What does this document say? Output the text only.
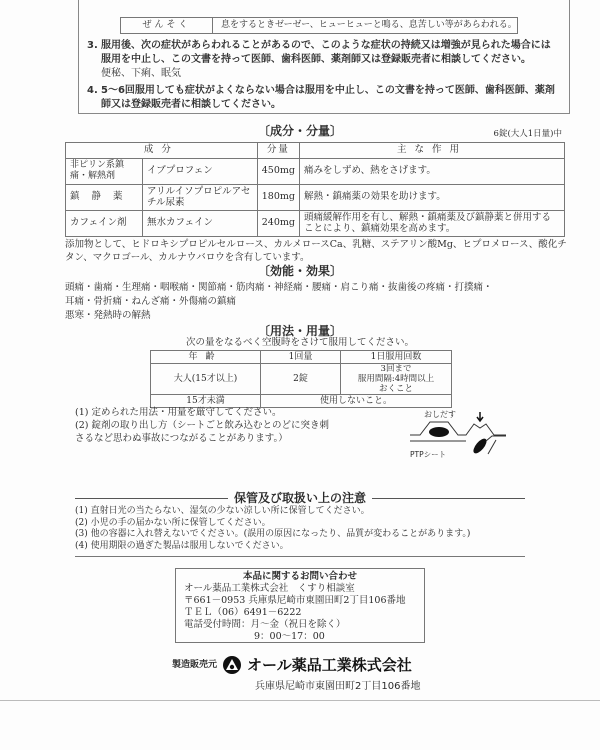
ぜんそく	息をするときゼーゼー、ヒューヒューと鳴る、息苦しい等があらわれる。
3. 服用後、次の症状があらわれることがあるので、このような症状の持続又は増強が見られた場合には服用を中止し、この文書を持って医師、歯科医師、薬剤師又は登録販売者に相談してください。
便秘、下痢、眠気
4. 5～6回服用しても症状がよくならない場合は服用を中止し、この文書を持って医師、歯科医師、薬剤師又は登録販売者に相談してください。
〔成分・分量〕	6錠(大人1日量)中
成分		分量	主な作用
非ピリン系鎮痛・解熱剤	イブプロフェン	450mg	痛みをしずめ、熱をさげます。
鎮静薬	アリルイソプロピルアセチル尿素	180mg	解熱・鎮痛薬の効果を助けます。
カフェイン剤	無水カフェイン	240mg	頭痛緩解作用を有し、解熱・鎮痛薬及び鎮静薬と併用することにより、鎮痛効果を高めます。
添加物として、ヒドロキシプロピルセルロース、カルメロースCa、乳糖、ステアリン酸Mg、ヒプロメロース、酸化チタン、マクロゴール、カルナウバロウを含有しています。
〔効能・効果〕
頭痛・歯痛・生理痛・咽喉痛・関節痛・筋肉痛・神経痛・腰痛・肩こり痛・抜歯後の疼痛・打撲痛・
耳痛・骨折痛・ねんざ痛・外傷痛の鎮痛
悪寒・発熱時の解熱
〔用法・用量〕
次の量をなるべく空腹時をさけて服用してください。
年齢	1回量	1日服用回数
大人(15才以上)	2錠	3回まで
服用間隔:4時間以上おくこと

15才未満	使用しないこと。	
(1) 定められた用法・用量を厳守してください。
(2) 錠剤の取り出し方（シートごと飲み込むとのどに突き刺さるなど思わぬ事故につながることがあります。）
おしだす
PTPシート
保管及び取扱い上の注意
(1) 直射日光の当たらない、湿気の少ない涼しい所に保管してください。
(2) 小児の手の届かない所に保管してください。
(3) 他の容器に入れ替えないでください。(誤用の原因になったり、品質が変わることがあります。)
(4) 使用期限の過ぎた製品は服用しないでください。
本品に関するお問い合わせ
オール薬品工業株式会社　くすり相談室
〒661－0953 兵庫県尼崎市東園田町2丁目106番地
ＴＥＬ（06）6491－6222
電話受付時間：月～金（祝日を除く）
9：00～17：00
製造販売元 オール薬品工業株式会社
兵庫県尼崎市東園田町2丁目106番地
